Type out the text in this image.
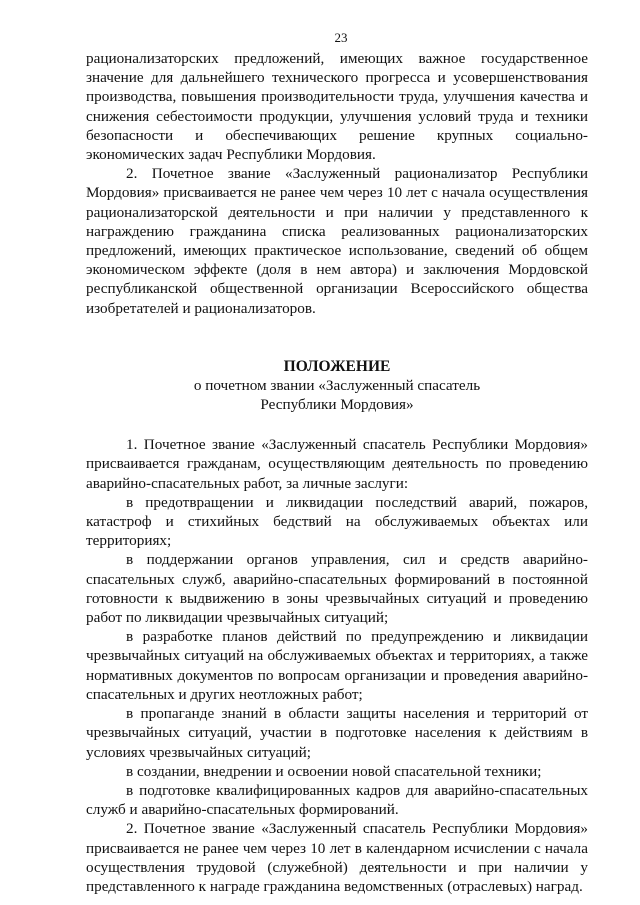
23

рационализаторских предложений, имеющих важное государственное значение для дальнейшего технического прогресса и усовершенствования производства, повышения производительности труда, улучшения качества и снижения себестоимости продукции, улучшения условий труда и техники безопасности и обеспечивающих решение крупных социально-экономических задач Республики Мордовия.

2. Почетное звание «Заслуженный рационализатор Республики Мордовия» присваивается не ранее чем через 10 лет с начала осуществления рационализаторской деятельности и при наличии у представленного к награждению гражданина списка реализованных рационализаторских предложений, имеющих практическое использование, сведений об общем экономическом эффекте (доля в нем автора) и заключения Мордовской республиканской общественной организации Всероссийского общества изобретателей и рационализаторов.

ПОЛОЖЕНИЕ

о почетном звании «Заслуженный спасатель

Республики Мордовия»

1. Почетное звание «Заслуженный спасатель Республики Мордовия» присваивается гражданам, осуществляющим деятельность по проведению аварийно-спасательных работ, за личные заслуги:

в предотвращении и ликвидации последствий аварий, пожаров, катастроф и стихийных бедствий на обслуживаемых объектах или территориях;

в поддержании органов управления, сил и средств аварийно-спасательных служб, аварийно-спасательных формирований в постоянной готовности к выдвижению в зоны чрезвычайных ситуаций и проведению работ по ликвидации чрезвычайных ситуаций;

в разработке планов действий по предупреждению и ликвидации чрезвычайных ситуаций на обслуживаемых объектах и территориях, а также нормативных документов по вопросам организации и проведения аварийно-спасательных и других неотложных работ;

в пропаганде знаний в области защиты населения и территорий от чрезвычайных ситуаций, участии в подготовке населения к действиям в условиях чрезвычайных ситуаций;

в создании, внедрении и освоении новой спасательной техники;

в подготовке квалифицированных кадров для аварийно-спасательных служб и аварийно-спасательных формирований.

2. Почетное звание «Заслуженный спасатель Республики Мордовия» присваивается не ранее чем через 10 лет в календарном исчислении с начала осуществления трудовой (служебной) деятельности и при наличии у представленного к награде гражданина ведомственных (отраслевых) наград.
